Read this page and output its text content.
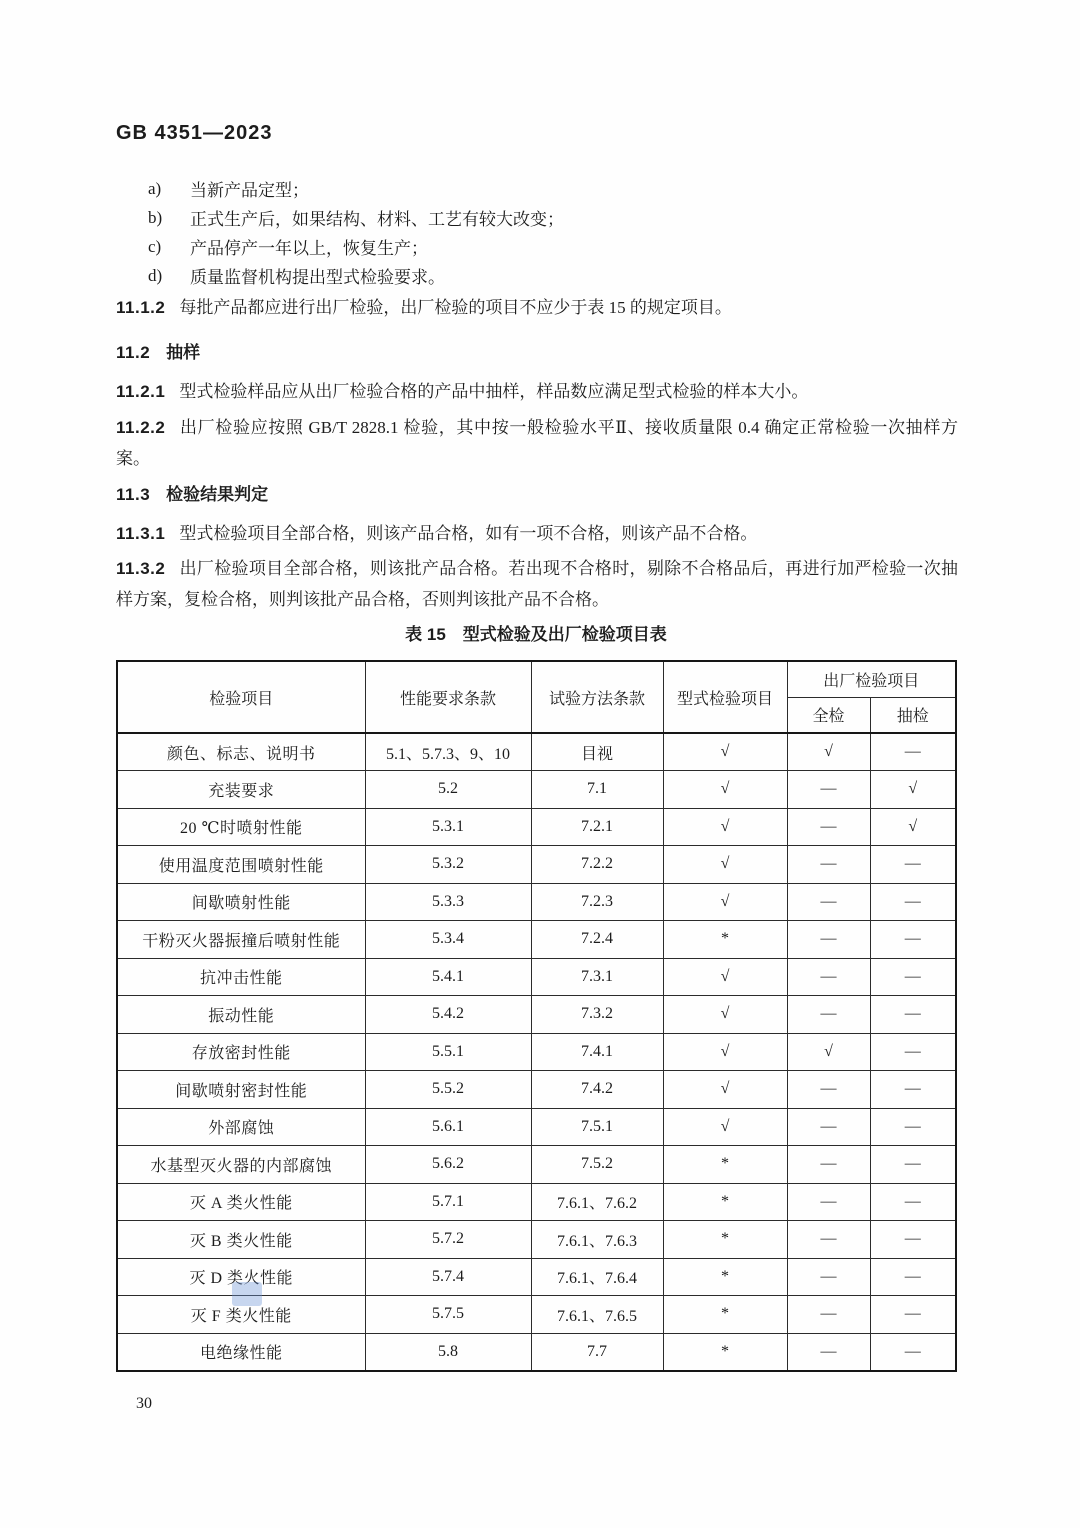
GB 4351—2023
a)	当新产品定型；
b)	正式生产后，如果结构、材料、工艺有较大改变；
c)	产品停产一年以上，恢复生产；
d)	质量监督机构提出型式检验要求。
11.1.2 每批产品都应进行出厂检验，出厂检验的项目不应少于表 15 的规定项目。
11.2 抽样
11.2.1 型式检验样品应从出厂检验合格的产品中抽样，样品数应满足型式检验的样本大小。
11.2.2 出厂检验应按照 GB/T 2828.1 检验，其中按一般检验水平Ⅱ、接收质量限 0.4 确定正常检验一次抽样方案。
11.3 检验结果判定
11.3.1 型式检验项目全部合格，则该产品合格，如有一项不合格，则该产品不合格。
11.3.2 出厂检验项目全部合格，则该批产品合格。若出现不合格时，剔除不合格品后，再进行加严检验一次抽样方案，复检合格，则判该批产品合格，否则判该批产品不合格。
表 15　型式检验及出厂检验项目表
检验项目	性能要求条款	试验方法条款	型式检验项目	出厂检验项目	
				全检	抽检
颜色、标志、说明书	5.1、5.7.3、9、10	目视	√	√	—
充装要求	5.2	7.1	√	—	√
20 ℃时喷射性能	5.3.1	7.2.1	√	—	√
使用温度范围喷射性能	5.3.2	7.2.2	√	—	—
间歇喷射性能	5.3.3	7.2.3	√	—	—
干粉灭火器振撞后喷射性能	5.3.4	7.2.4	*	—	—
抗冲击性能	5.4.1	7.3.1	√	—	—
振动性能	5.4.2	7.3.2	√	—	—
存放密封性能	5.5.1	7.4.1	√	√	—
间歇喷射密封性能	5.5.2	7.4.2	√	—	—
外部腐蚀	5.6.1	7.5.1	√	—	—
水基型灭火器的内部腐蚀	5.6.2	7.5.2	*	—	—
灭 A 类火性能	5.7.1	7.6.1、7.6.2	*	—	—
灭 B 类火性能	5.7.2	7.6.1、7.6.3	*	—	—
灭 D 类火性能	5.7.4	7.6.1、7.6.4	*	—	—
灭 F 类火性能	5.7.5	7.6.1、7.6.5	*	—	—
电绝缘性能	5.8	7.7	*	—	—
30
